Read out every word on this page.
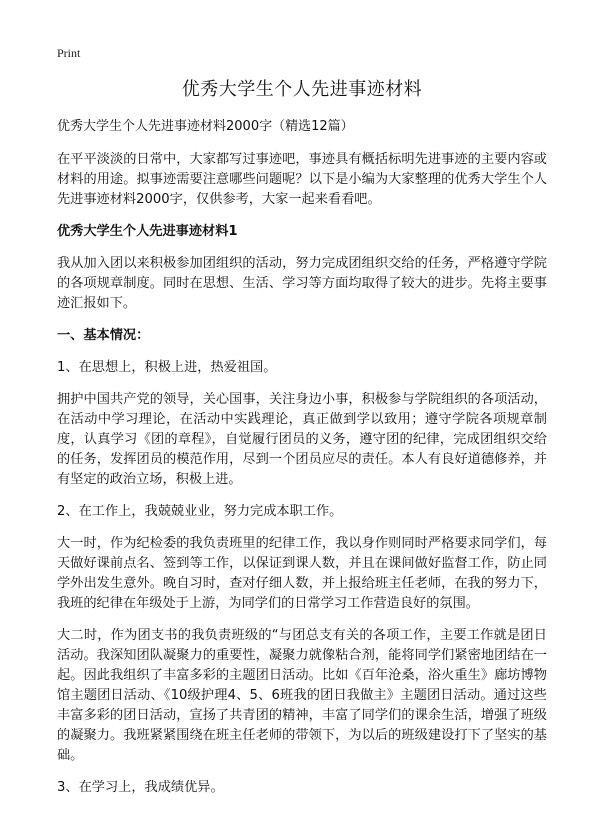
Print
优秀大学生个人先进事迹材料
优秀大学生个人先进事迹材料2000字（精选12篇）

在平平淡淡的日常中，大家都写过事迹吧，事迹具有概括标明先进事迹的主要内容或材料的用途。拟事迹需要注意哪些问题呢？以下是小编为大家整理的优秀大学生个人先进事迹材料2000字，仅供参考，大家一起来看看吧。

优秀大学生个人先进事迹材料1

我从加入团以来积极参加团组织的活动，努力完成团组织交给的任务，严格遵守学院的各项规章制度。同时在思想、生活、学习等方面均取得了较大的进步。先将主要事迹汇报如下。

一、基本情况：

1、在思想上，积极上进，热爱祖国。

拥护中国共产党的领导，关心国事，关注身边小事，积极参与学院组织的各项活动，在活动中学习理论，在活动中实践理论，真正做到学以致用；遵守学院各项规章制度，认真学习《团的章程》，自觉履行团员的义务，遵守团的纪律，完成团组织交给的任务，发挥团员的模范作用，尽到一个团员应尽的责任。本人有良好道德修养，并有坚定的政治立场，积极上进。

2、在工作上，我兢兢业业，努力完成本职工作。

大一时，作为纪检委的我负责班里的纪律工作，我以身作则同时严格要求同学们，每天做好课前点名、签到等工作，以保证到课人数，并且在课间做好监督工作，防止同学外出发生意外。晚自习时，查对仔细人数，并上报给班主任老师，在我的努力下，我班的纪律在年级处于上游，为同学们的日常学习工作营造良好的氛围。

大二时，作为团支书的我负责班级的“与团总支有关的各项工作，主要工作就是团日活动。我深知团队凝聚力的重要性，凝聚力就像粘合剂，能将同学们紧密地团结在一起。因此我组织了丰富多彩的主题团日活动。比如《百年沧桑，浴火重生》廊坊博物馆主题团日活动、《10级护理4、5、6班我的团日我做主》主题团日活动。通过这些丰富多彩的团日活动，宣扬了共青团的精神，丰富了同学们的课余生活，增强了班级的凝聚力。我班紧紧围绕在班主任老师的带领下，为以后的班级建设打下了坚实的基础。

3、在学习上，我成绩优异。
